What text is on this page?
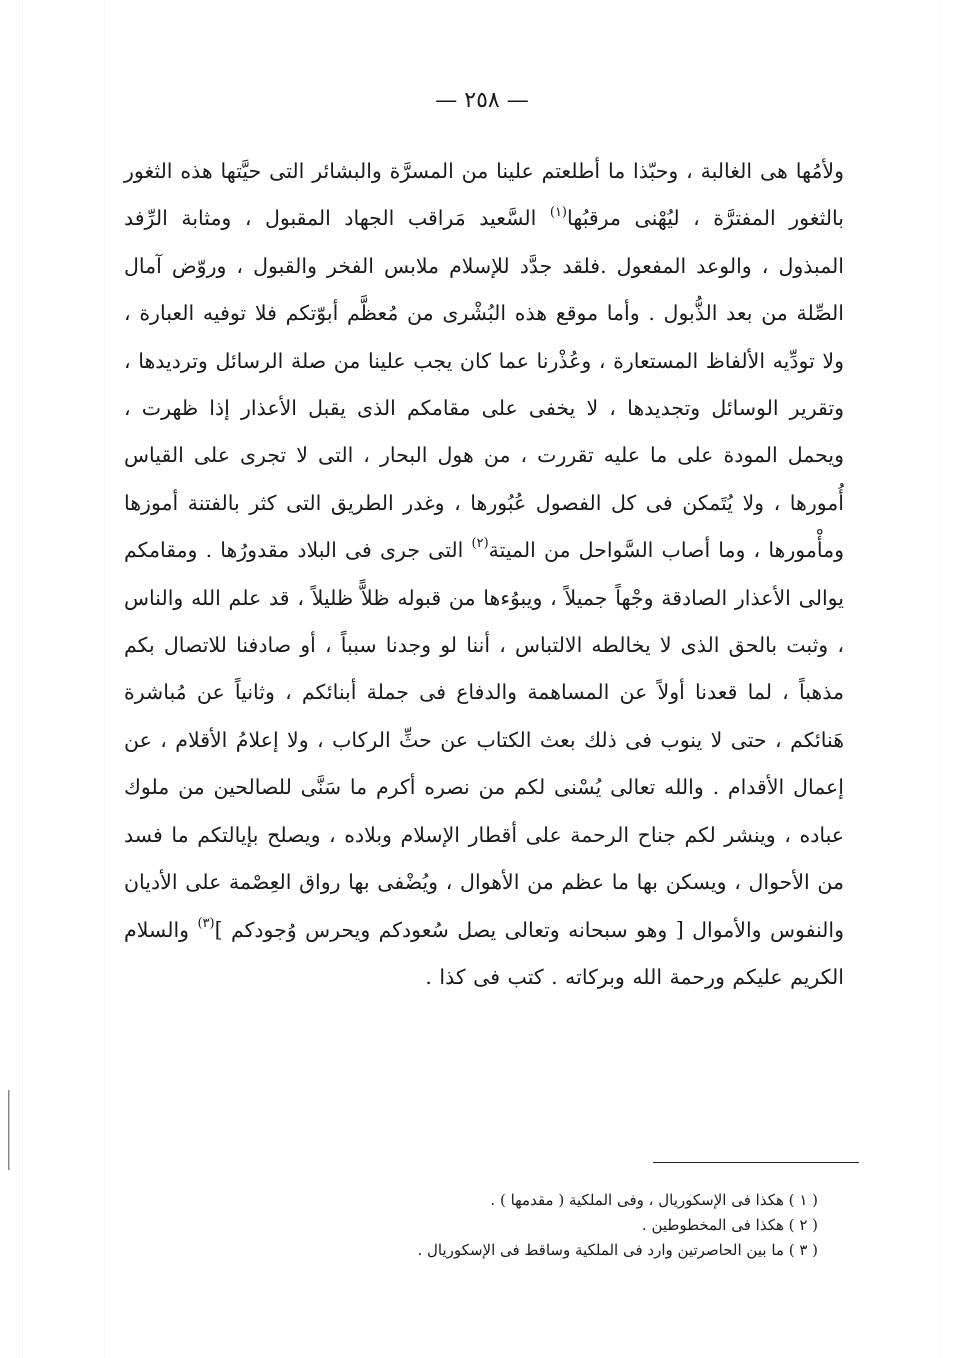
— ٢٥٨ —
ولأمُها هى الغالبة ، وحبّذا ما أطلعتم علينا من المسرَّة والبشائر التى حيَّتها هذه الثغور بالثغور المفترَّة ، ليُهْنى مرقبُها$^{(١)}$ السَّعيد مَراقب الجهاد المقبول ، ومثابة الرِّفد المبذول ، والوعد المفعول .فلقد جدَّد للإسلام ملابس الفخر والقبول ، وروّض آمال الصِّلة من بعد الذُّبول . وأما موقع هذه البُشْرى من مُعظَّم أبوّتكم فلا توفيه العبارة ، ولا تودِّيه الألفاظ المستعارة ، وعُذْرنا عما كان يجب علينا من صلة الرسائل وترديدها ، وتقرير الوسائل وتجديدها ، لا يخفى على مقامكم الذى يقبل الأعذار إذا ظهرت ، ويحمل المودة على ما عليه تقررت ، من هول البحار ، التى لا تجرى على القياس أُمورها ، ولا يُتَمكن فى كل الفصول عُبُورها ، وغدر الطريق التى كثر بالفتنة أموزها ومأْمورها ، وما أصاب السَّواحل من الميتة$^{(٢)}$ التى جرى فى البلاد مقدورُها . ومقامكم يوالى الأعذار الصادقة وجْهاً جميلاً ، ويبوُءها من قبوله ظلاًّ ظليلاً ، قد علم الله والناس ، وثبت بالحق الذى لا يخالطه الالتباس ، أننا لو وجدنا سبباً ، أو صادفنا للاتصال بكم مذهباً ، لما قعدنا أولاً عن المساهمة والدفاع فى جملة أبنائكم ، وثانياً عن مُباشرة هَنائكم ، حتى لا ينوب فى ذلك بعث الكتاب عن حثِّ الركاب ، ولا إعلامُ الأقلام ، عن إعمال الأقدام . والله تعالى يُسْنى لكم من نصره أكرم ما سَنَّى للصالحين من ملوك عباده ، وينشر لكم جناح الرحمة على أقطار الإسلام وبلاده ، ويصلح بإيالتكم ما فسد من الأحوال ، ويسكن بها ما عظم من الأهوال ، ويُضْفى بها رواق العِصْمة على الأديان والنفوس والأموال [ وهو سبحانه وتعالى يصل سُعودكم ويحرس وُجودكم ]$^{(٣)}$ والسلام الكريم عليكم ورحمة الله وبركاته . كتب فى كذا .
( ١ ) هكذا فى الإسكوريال ، وفى الملكية ( مقدمها ) .
( ٢ ) هكذا فى المخطوطين .
( ٣ ) ما بين الحاصرتين وارد فى الملكية وساقط فى الإسكوريال .
